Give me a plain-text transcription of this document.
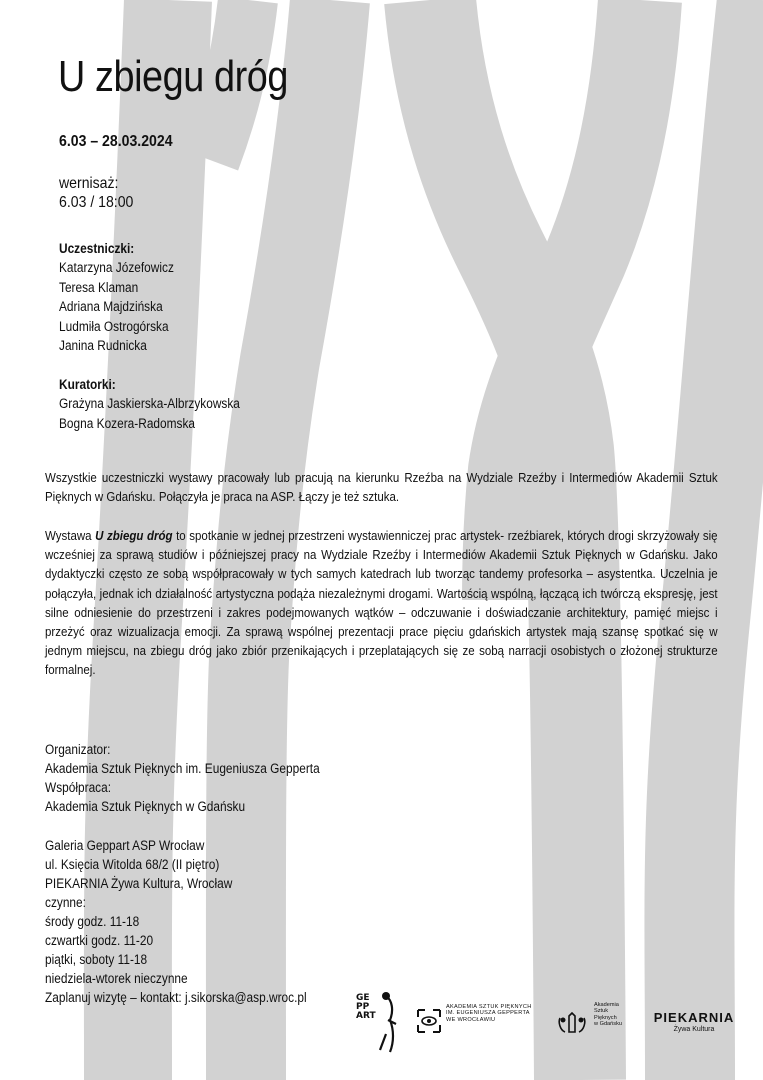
U zbiegu dróg
6.03 – 28.03.2024
wernisaż:
6.03 / 18:00
Uczestniczki:
Katarzyna Józefowicz
Teresa Klaman
Adriana Majdzińska
Ludmiła Ostrogórska
Janina Rudnicka
Kuratorki:
Grażyna Jaskierska-Albrzykowska
Bogna Kozera-Radomska

Wszystkie uczestniczki wystawy pracowały lub pracują na kierunku Rzeźba na Wydziale Rzeźby i Intermediów Akademii Sztuk Pięknych w Gdańsku. Połączyła je praca na ASP. Łączy je też sztuka.

Wystawa U zbiegu dróg to spotkanie w jednej przestrzeni wystawienniczej prac artystek- rzeźbiarek, których drogi skrzyżowały się wcześniej za sprawą studiów i późniejszej pracy na Wydziale Rzeźby i Intermediów Akademii Sztuk Pięknych w Gdańsku. Jako dydaktyczki często ze sobą współpracowały w tych samych katedrach lub tworząc tandemy profesorka – asystentka. Uczelnia je połączyła, jednak ich działalność artystyczna podąża niezależnymi drogami. Wartością wspólną, łączącą ich twórczą ekspresję, jest silne odniesienie do przestrzeni i zakres podejmowanych wątków – odczuwanie i doświadczanie architektury, pamięć miejsc i przeżyć oraz wizualizacja emocji. Za sprawą wspólnej prezentacji prace pięciu gdańskich artystek mają szansę spotkać się w jednym miejscu, na zbiegu dróg jako zbiór przenikających i przeplatających się ze sobą narracji osobistych o złożonej strukturze formalnej.

Organizator:
Akademia Sztuk Pięknych im. Eugeniusza Gepperta
Współpraca:
Akademia Sztuk Pięknych w Gdańsku
Galeria Geppart ASP Wrocław
ul. Księcia Witolda 68/2 (II piętro)
PIEKARNIA Żywa Kultura, Wrocław
czynne:
środy godz. 11-18
czwartki godz. 11-20
piątki, soboty 11-18
niedziela-wtorek nieczynne
Zaplanuj wizytę – kontakt: j.sikorska@asp.wroc.pl	GE
PP
ART
AKADEMIA SZTUK PIĘKNYCH
IM. EUGENIUSZA GEPPERTA
WE WROCŁAWIU
Akademia
Sztuk
Pięknych
w Gdańsku	PIEKARNIA
Żywa Kultura
